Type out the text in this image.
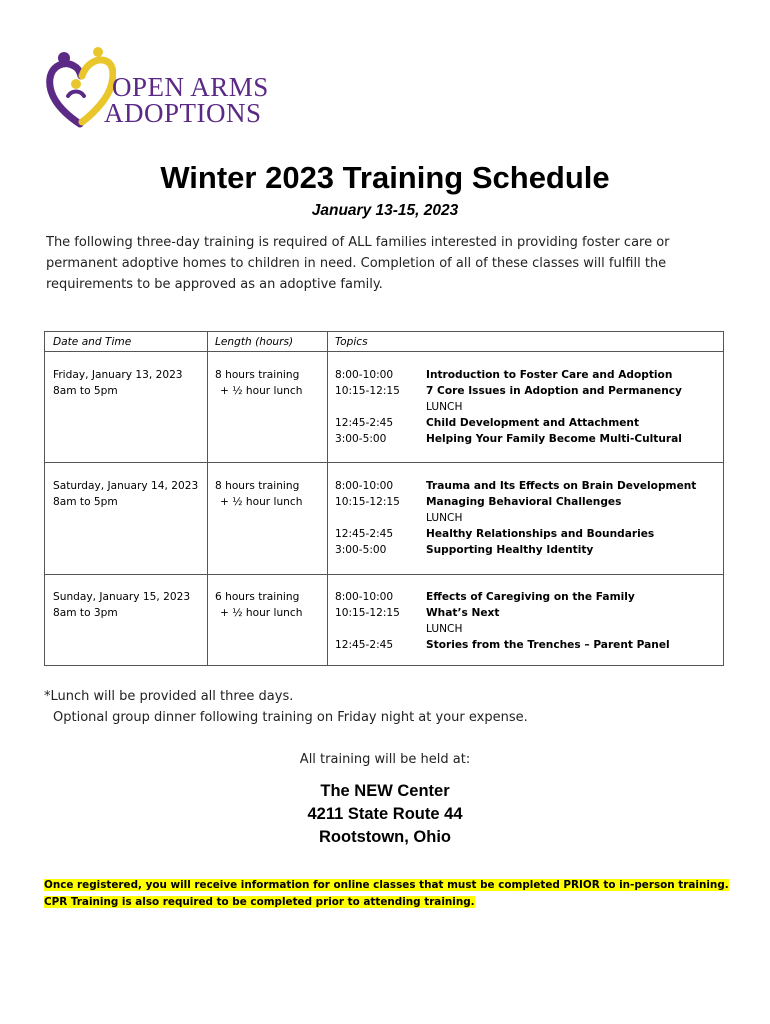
OPEN ARMS
ADOPTIONS
Winter 2023 Training Schedule
January 13-15, 2023
The following three-day training is required of ALL families interested in providing foster care or permanent adoptive homes to children in need. Completion of all of these classes will fulfill the requirements to be approved as an adoptive family.
Date and Time	Length (hours)	Topics
Friday, January 13, 2023
8am to 5pm
8 hours training
+ ½ hour lunch
8:00-10:00
10:15-12:15
12:45-2:45
3:00-5:00
Introduction to Foster Care and Adoption
7 Core Issues in Adoption and Permanency
LUNCH
Child Development and Attachment
Helping Your Family Become Multi-Cultural
Saturday, January 14, 2023
8am to 5pm
8 hours training
+ ½ hour lunch
8:00-10:00
10:15-12:15
12:45-2:45
3:00-5:00
Trauma and Its Effects on Brain Development
Managing Behavioral Challenges
LUNCH
Healthy Relationships and Boundaries
Supporting Healthy Identity
Sunday, January 15, 2023
8am to 3pm
6 hours training
+ ½ hour lunch
8:00-10:00
10:15-12:15
12:45-2:45
Effects of Caregiving on the Family
What’s Next
LUNCH
Stories from the Trenches – Parent Panel
*Lunch will be provided all three days.
Optional group dinner following training on Friday night at your expense.
All training will be held at:
The NEW Center
4211 State Route 44
Rootstown, Ohio
Once registered, you will receive information for online classes that must be completed PRIOR to in-person training.
CPR Training is also required to be completed prior to attending training.
